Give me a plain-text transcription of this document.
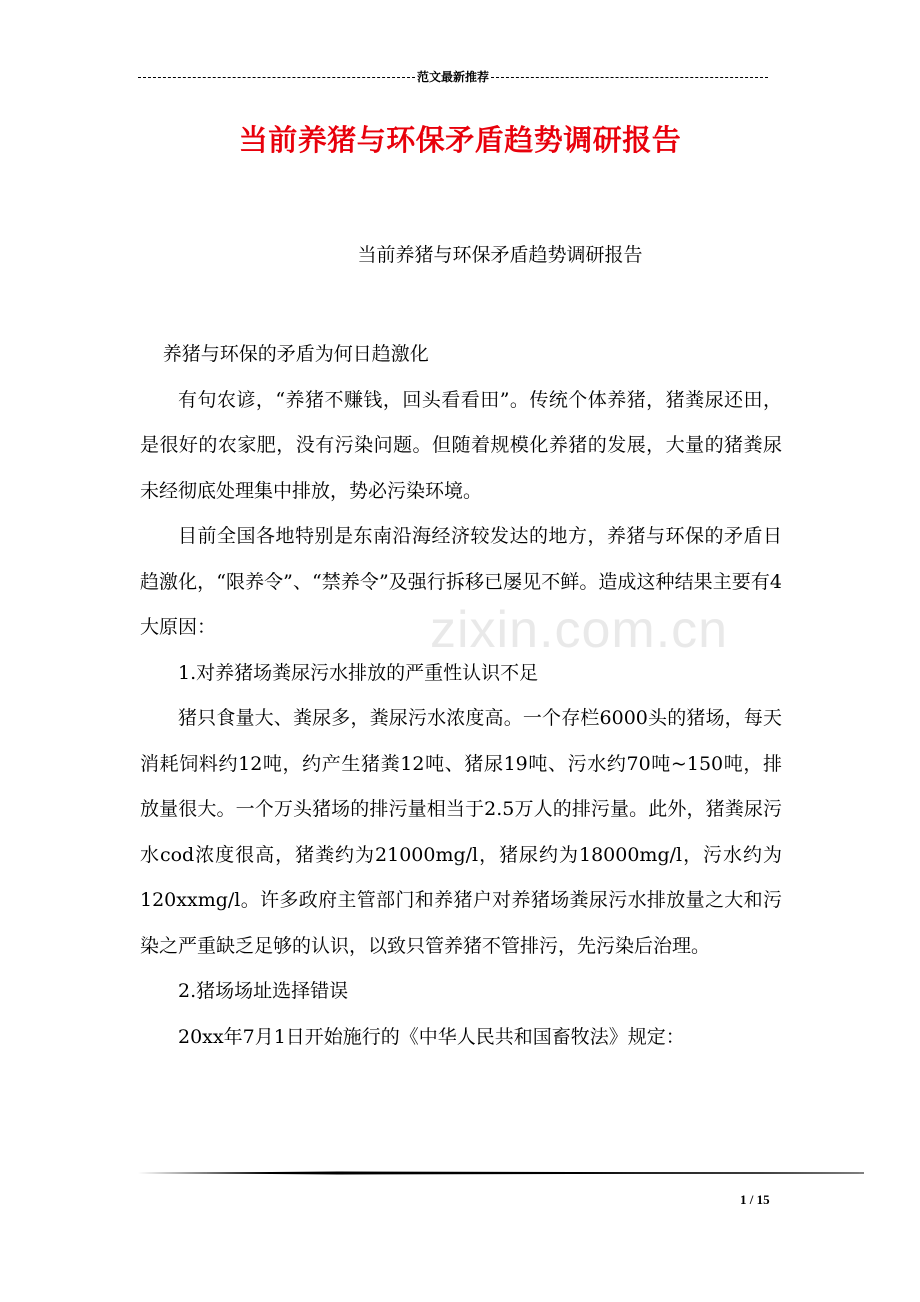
范文最新推荐
当前养猪与环保矛盾趋势调研报告
当前养猪与环保矛盾趋势调研报告

养猪与环保的矛盾为何日趋激化

有句农谚，“养猪不赚钱，回头看看田”。传统个体养猪，猪粪尿还田，是很好的农家肥，没有污染问题。但随着规模化养猪的发展，大量的猪粪尿未经彻底处理集中排放，势必污染环境。

目前全国各地特别是东南沿海经济较发达的地方，养猪与环保的矛盾日趋激化，“限养令”、“禁养令”及强行拆移已屡见不鲜。造成这种结果主要有4大原因：

1.对养猪场粪尿污水排放的严重性认识不足

猪只食量大、粪尿多，粪尿污水浓度高。一个存栏6000头的猪场，每天消耗饲料约12吨，约产生猪粪12吨、猪尿19吨、污水约70吨~150吨，排放量很大。一个万头猪场的排污量相当于2.5万人的排污量。此外，猪粪尿污水cod浓度很高，猪粪约为21000mg/l，猪尿约为18000mg/l，污水约为120xxmg/l。许多政府主管部门和养猪户对养猪场粪尿污水排放量之大和污染之严重缺乏足够的认识，以致只管养猪不管排污，先污染后治理。

2.猪场场址选择错误

20xx年7月1日开始施行的《中华人民共和国畜牧法》规定：

zixin.com.cn
1 / 15
